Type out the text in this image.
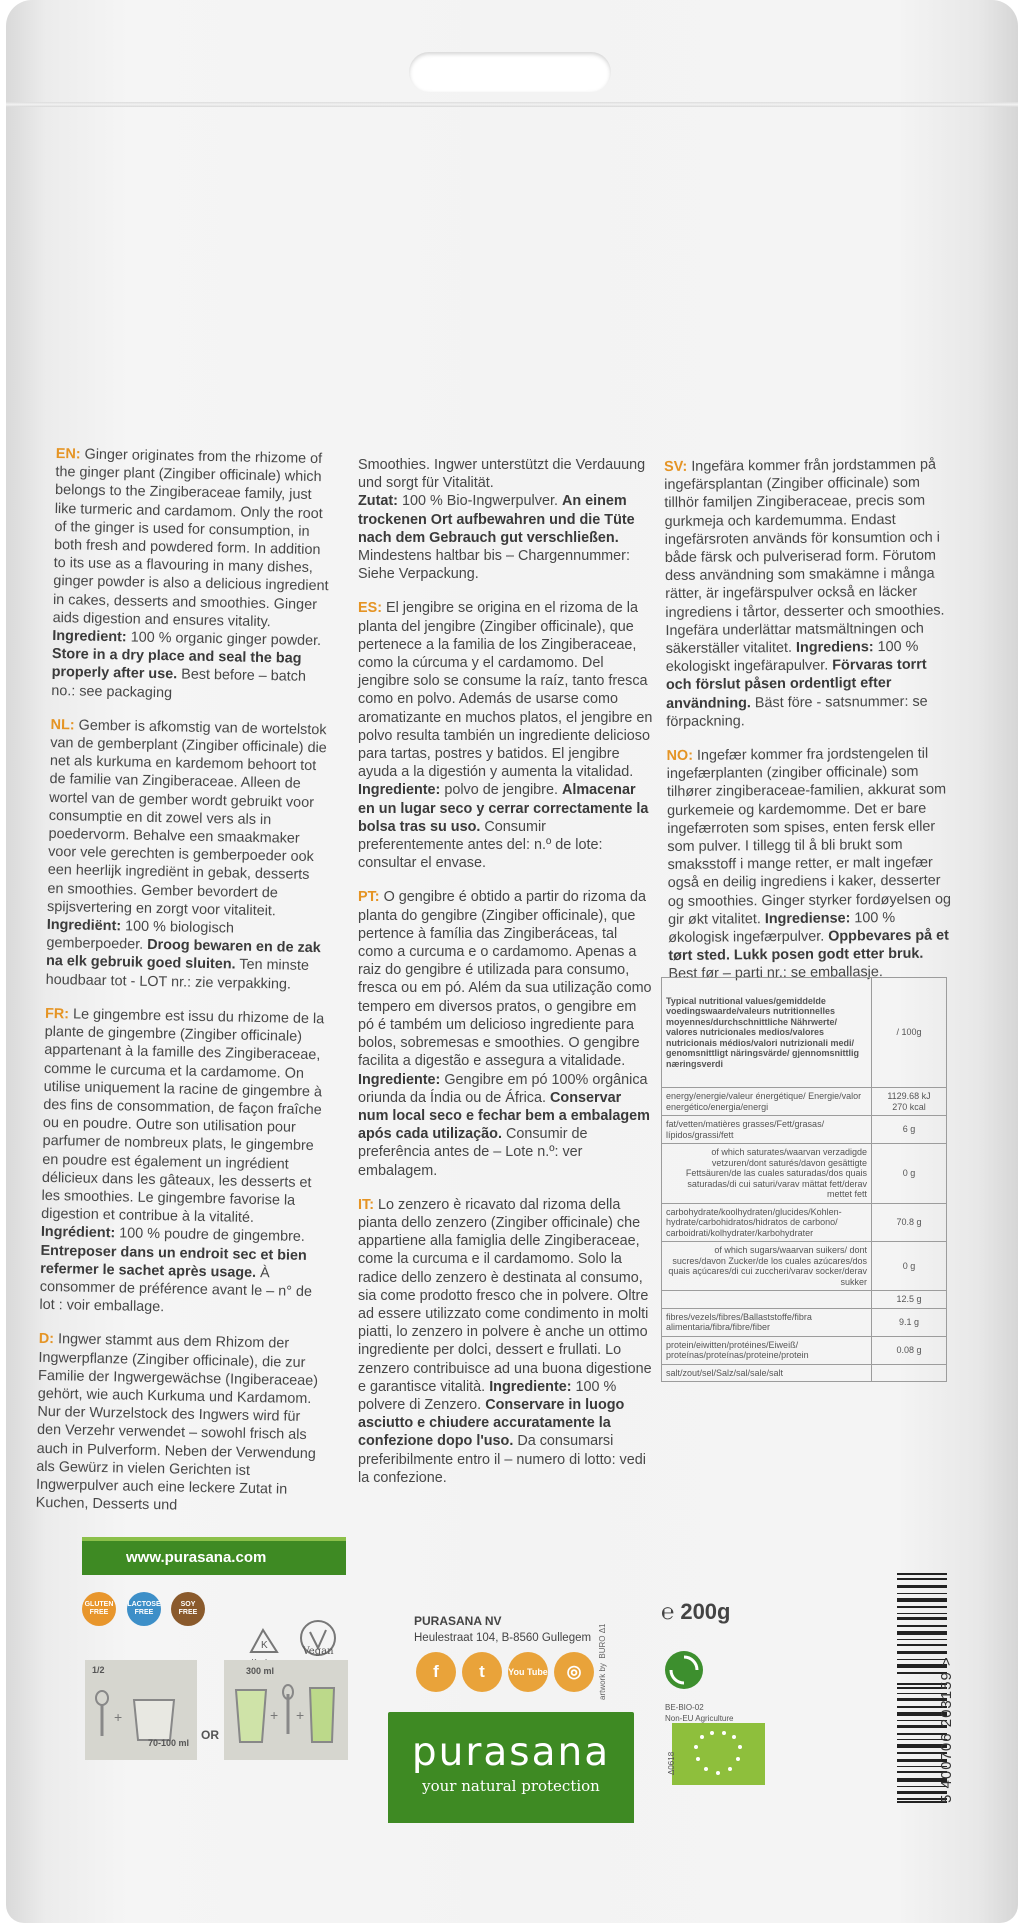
EN: Ginger originates from the rhizome of the ginger plant (Zingiber officinale) which belongs to the Zingiberaceae family, just like turmeric and cardamom. Only the root of the ginger is used for consumption, in both fresh and powdered form. In addition to its use as a flavouring in many dishes, ginger powder is also a delicious ingredient in cakes, desserts and smoothies. Ginger aids digestion and ensures vitality. Ingredient: 100 % organic ginger powder. Store in a dry place and seal the bag properly after use. Best before – batch no.: see packaging

NL: Gember is afkomstig van de wortelstok van de gemberplant (Zingiber officinale) die net als kurkuma en kardemom behoort tot de familie van Zingiberaceae. Alleen de wortel van de gember wordt gebruikt voor consumptie en dit zowel vers als in poedervorm. Behalve een smaakmaker voor vele gerechten is gemberpoeder ook een heerlijk ingrediënt in gebak, desserts en smoothies. Gember bevordert de spijsvertering en zorgt voor vitaliteit. Ingrediënt: 100 % biologisch gemberpoeder. Droog bewaren en de zak na elk gebruik goed sluiten. Ten minste houdbaar tot - LOT nr.: zie verpakking.

FR: Le gingembre est issu du rhizome de la plante de gingembre (Zingiber officinale) appartenant à la famille des Zingiberaceae, comme le curcuma et la cardamome. On utilise uniquement la racine de gingembre à des fins de consommation, de façon fraîche ou en poudre. Outre son utilisation pour parfumer de nombreux plats, le gingembre en poudre est également un ingrédient délicieux dans les gâteaux, les desserts et les smoothies. Le gingembre favorise la digestion et contribue à la vitalité. Ingrédient: 100 % poudre de gingembre. Entreposer dans un endroit sec et bien refermer le sachet après usage. À consommer de préférence avant le – n° de lot : voir emballage.

D: Ingwer stammt aus dem Rhizom der Ingwerpflanze (Zingiber officinale), die zur Familie der Ingwergewächse (Ingiberaceae) gehört, wie auch Kurkuma und Kardamom. Nur der Wurzelstock des Ingwers wird für den Verzehr verwendet – sowohl frisch als auch in Pulverform. Neben der Verwendung als Gewürz in vielen Gerichten ist Ingwerpulver auch eine leckere Zutat in Kuchen, Desserts und

Smoothies. Ingwer unterstützt die Verdauung und sorgt für Vitalität.
Zutat: 100 % Bio-Ingwerpulver. An einem trockenen Ort aufbewahren und die Tüte nach dem Gebrauch gut verschließen. Mindestens haltbar bis – Chargennummer: Siehe Verpackung.

ES: El jengibre se origina en el rizoma de la planta del jengibre (Zingiber officinale), que pertenece a la familia de los Zingiberaceae, como la cúrcuma y el cardamomo. Del jengibre solo se consume la raíz, tanto fresca como en polvo. Además de usarse como aromatizante en muchos platos, el jengibre en polvo resulta también un ingrediente delicioso para tartas, postres y batidos. El jengibre ayuda a la digestión y aumenta la vitalidad. Ingrediente: polvo de jengibre. Almacenar en un lugar seco y cerrar correctamente la bolsa tras su uso. Consumir preferentemente antes del: n.º de lote: consultar el envase.

PT: O gengibre é obtido a partir do rizoma da planta do gengibre (Zingiber officinale), que pertence à família das Zingiberáceas, tal como a curcuma e o cardamomo. Apenas a raiz do gengibre é utilizada para consumo, fresca ou em pó. Além da sua utilização como tempero em diversos pratos, o gengibre em pó é também um delicioso ingrediente para bolos, sobremesas e smoothies. O gengibre facilita a digestão e assegura a vitalidade. Ingrediente: Gengibre em pó 100% orgânica oriunda da Índia ou de África. Conservar num local seco e fechar bem a embalagem após cada utilização. Consumir de preferência antes de – Lote n.º: ver embalagem.

IT: Lo zenzero è ricavato dal rizoma della pianta dello zenzero (Zingiber officinale) che appartiene alla famiglia delle Zingiberaceae, come la curcuma e il cardamomo. Solo la radice dello zenzero è destinata al consumo, sia come prodotto fresco che in polvere. Oltre ad essere utilizzato come condimento in molti piatti, lo zenzero in polvere è anche un ottimo ingrediente per dolci, dessert e frullati. Lo zenzero contribuisce ad una buona digestione e garantisce vitalità. Ingrediente: 100 % polvere di Zenzero. Conservare in luogo asciutto e chiudere accuratamente la confezione dopo l'uso. Da consumarsi preferibilmente entro il – numero di lotto: vedi la confezione.

SV: Ingefära kommer från jordstammen på ingefärsplantan (Zingiber officinale) som tillhör familjen Zingiberaceae, precis som gurkmeja och kardemumma. Endast ingefärsroten används för konsumtion och i både färsk och pulveriserad form. Förutom dess användning som smakämne i många rätter, är ingefärspulver också en läcker ingrediens i tårtor, desserter och smoothies. Ingefära underlättar matsmältningen och säkerställer vitalitet. Ingrediens: 100 % ekologiskt ingefärapulver. Förvaras torrt och förslut påsen ordentligt efter användning. Bäst före - satsnummer: se förpackning.

NO: Ingefær kommer fra jordstengelen til ingefærplanten (zingiber officinale) som tilhører zingiberaceae-familien, akkurat som gurkemeie og kardemomme. Det er bare ingefærroten som spises, enten fersk eller som pulver. I tillegg til å bli brukt som smaksstoff i mange retter, er malt ingefær også en deilig ingrediens i kaker, desserter og smoothies. Ginger styrker fordøyelsen og gir økt vitalitet. Ingrediense: 100 % økologisk ingefærpulver. Oppbevares på et tørt sted. Lukk posen godt etter bruk. Best før – parti nr.: se emballasje.

Typical nutritional values/gemiddelde voedingswaarde/valeurs nutritionnelles moyennes/durchschnittliche Nährwerte/ valores nutricionales medios/valores nutricionais médios/valori nutrizionali medi/ genomsnittligt näringsvärde/ gjennomsnittlig næringsverdi	/ 100g
energy/energie/valeur énergétique/ Energie/valor energético/energia/energi	1129.68 kJ
270 kcal
fat/vetten/matières grasses/Fett/grasas/ lípidos/grassi/fett	6 g
of which saturates/waarvan verzadigde vetzuren/dont saturés/davon gesättigte Fettsäuren/de las cuales saturadas/dos quais saturadas/di cui saturi/varav mättat fett/derav mettet fett	0 g
carbohydrate/koolhydraten/glucides/Kohlen- hydrate/carbohidratos/hidratos de carbono/ carboidrati/kolhydrater/karbohydrater	70.8 g
of which sugars/waarvan suikers/ dont sucres/davon Zucker/de los cuales azúcares/dos quais açúcares/di cui zuccheri/varav socker/derav sukker	0 g
	12.5 g
fibres/vezels/fibres/Ballaststoffe/fibra alimentaria/fibra/fibre/fiber	9.1 g
protein/eiwitten/protéines/Eiweiß/ proteínas/proteínas/proteine/protein	0.08 g
salt/zout/sel/Salz/sal/sale/salt	
www.purasana.com
GLUTEN FREE
LACTOSE FREE
SOY FREE
K
Vegan
1/2
+
70-100 ml
OR
300 ml
+ +
PURASANA NV
Heulestraat 104, B-8560 Gullegem
artwork by  BURO Δ1
f	t	You Tube	◎
purasana
your natural protection
℮ 200g
BE-BIO-02
Non-EU Agriculture
Δ0618	5 400706 203159 >
